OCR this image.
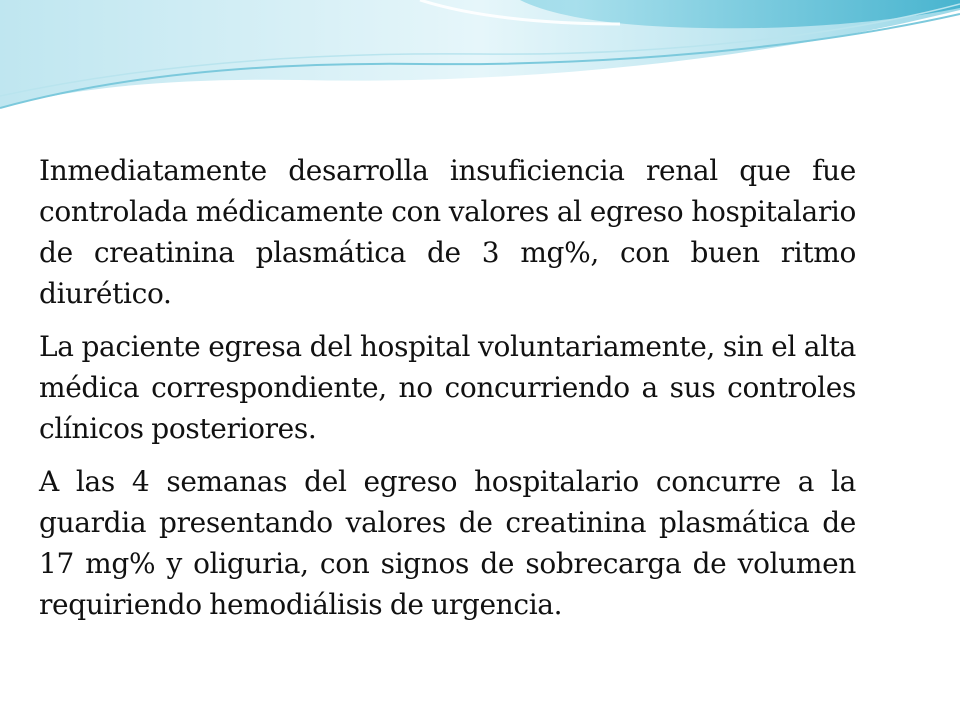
Inmediatamente desarrolla insuficiencia renal que fue controlada médicamente con valores al egreso hospitalario de creatinina plasmática de 3 mg%, con buen ritmo diurético.

La paciente egresa del hospital voluntariamente, sin el alta médica correspondiente, no concurriendo a sus controles clínicos posteriores.

A las 4 semanas del egreso hospitalario concurre a la guardia presentando valores de creatinina plasmática de 17 mg% y oliguria, con signos de sobrecarga de volumen requiriendo hemodiálisis de urgencia.
